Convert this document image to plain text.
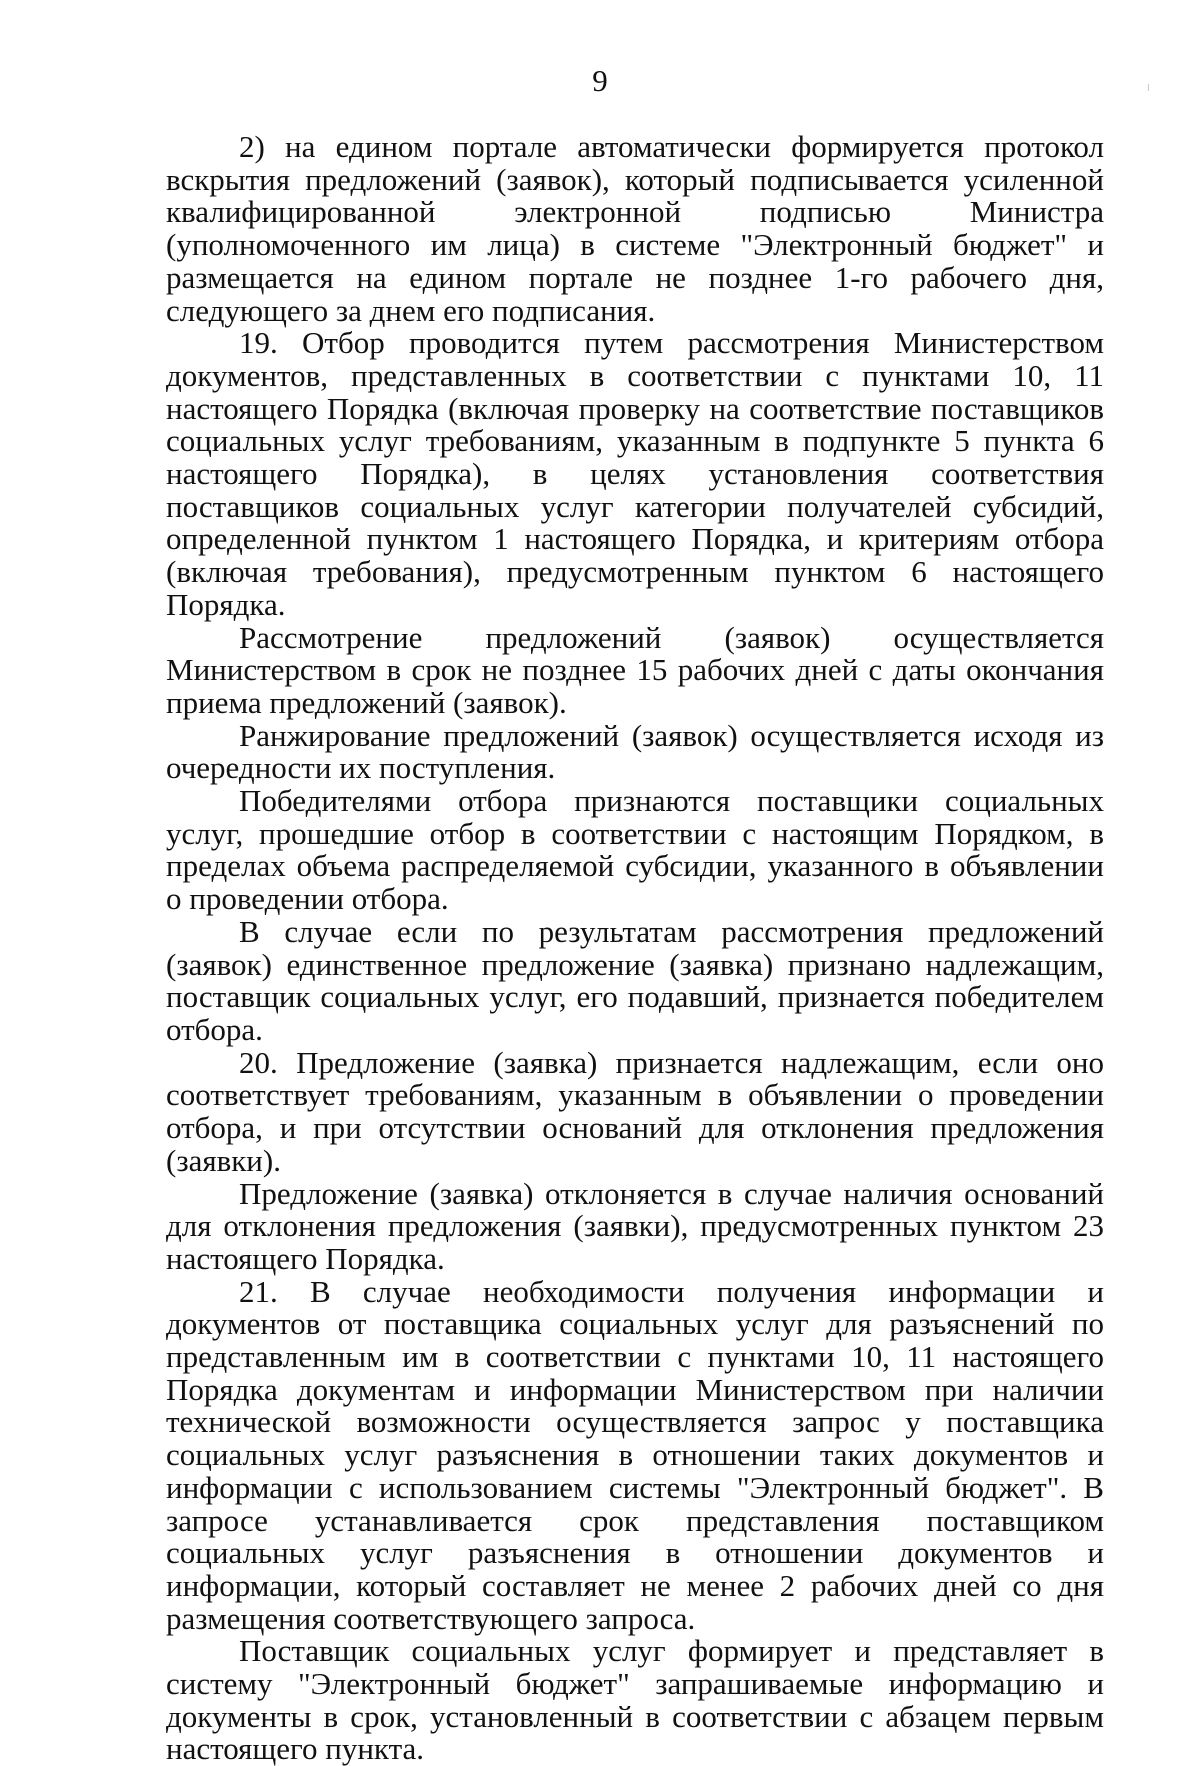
9

2) на едином портале автоматически формируется протокол вскрытия предложений (заявок), который подписывается усиленной квалифицированной электронной подписью Министра (уполномоченного им лица) в системе "Электронный бюджет" и размещается на едином портале не позднее 1-го рабочего дня, следующего за днем его подписания.

19. Отбор проводится путем рассмотрения Министерством документов, представленных в соответствии с пунктами 10, 11 настоящего Порядка (включая проверку на соответствие поставщиков социальных услуг требованиям, указанным в подпункте 5 пункта 6 настоящего Порядка), в целях установления соответствия поставщиков социальных услуг категории получателей субсидий, определенной пунктом 1 настоящего Порядка, и критериям отбора (включая требования), предусмотренным пунктом 6 настоящего Порядка.

Рассмотрение предложений (заявок) осуществляется Министерством в срок не позднее 15 рабочих дней с даты окончания приема предложений (заявок).

Ранжирование предложений (заявок) осуществляется исходя из очередности их поступления.

Победителями отбора признаются поставщики социальных услуг, прошедшие отбор в соответствии с настоящим Порядком, в пределах объема распределяемой субсидии, указанного в объявлении о проведении отбора.

В случае если по результатам рассмотрения предложений (заявок) единственное предложение (заявка) признано надлежащим, поставщик социальных услуг, его подавший, признается победителем отбора.

20. Предложение (заявка) признается надлежащим, если оно соответствует требованиям, указанным в объявлении о проведении отбора, и при отсутствии оснований для отклонения предложения (заявки).

Предложение (заявка) отклоняется в случае наличия оснований для отклонения предложения (заявки), предусмотренных пунктом 23 настоящего Порядка.

21. В случае необходимости получения информации и документов от поставщика социальных услуг для разъяснений по представленным им в соответствии с пунктами 10, 11 настоящего Порядка документам и информации Министерством при наличии технической возможности осуществляется запрос у поставщика социальных услуг разъяснения в отношении таких документов и информации с использованием системы "Электронный бюджет". В запросе устанавливается срок представления поставщиком социальных услуг разъяснения в отношении документов и информации, который составляет не менее 2 рабочих дней со дня размещения соответствующего запроса.

Поставщик социальных услуг формирует и представляет в систему "Электронный бюджет" запрашиваемые информацию и документы в срок, установленный в соответствии с абзацем первым настоящего пункта.
